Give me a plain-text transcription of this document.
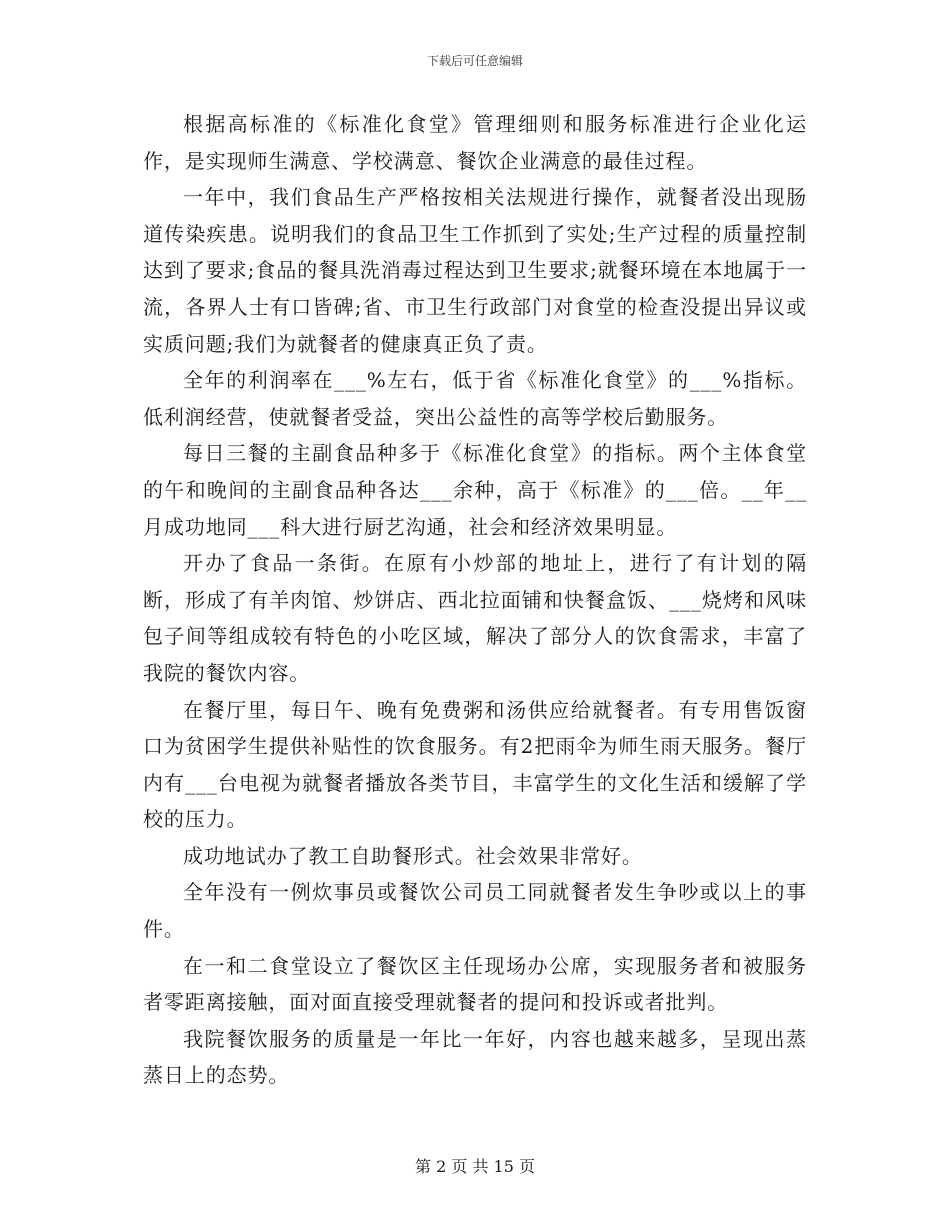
下载后可任意编辑

根据高标准的《标准化食堂》管理细则和服务标准进行企业化运作，是实现师生满意、学校满意、餐饮企业满意的最佳过程。

一年中，我们食品生产严格按相关法规进行操作，就餐者没出现肠道传染疾患。说明我们的食品卫生工作抓到了实处;生产过程的质量控制达到了要求;食品的餐具洗消毒过程达到卫生要求;就餐环境在本地属于一流，各界人士有口皆碑;省、市卫生行政部门对食堂的检查没提出异议或实质问题;我们为就餐者的健康真正负了责。

全年的利润率在___%左右，低于省《标准化食堂》的___%指标。低利润经营，使就餐者受益，突出公益性的高等学校后勤服务。

每日三餐的主副食品种多于《标准化食堂》的指标。两个主体食堂的午和晚间的主副食品种各达___余种，高于《标准》的___倍。__年__月成功地同___科大进行厨艺沟通，社会和经济效果明显。

开办了食品一条街。在原有小炒部的地址上，进行了有计划的隔断，形成了有羊肉馆、炒饼店、西北拉面铺和快餐盒饭、___烧烤和风味包子间等组成较有特色的小吃区域，解决了部分人的饮食需求，丰富了我院的餐饮内容。

在餐厅里，每日午、晚有免费粥和汤供应给就餐者。有专用售饭窗口为贫困学生提供补贴性的饮食服务。有2把雨伞为师生雨天服务。餐厅内有___台电视为就餐者播放各类节目，丰富学生的文化生活和缓解了学校的压力。

成功地试办了教工自助餐形式。社会效果非常好。

全年没有一例炊事员或餐饮公司员工同就餐者发生争吵或以上的事件。

在一和二食堂设立了餐饮区主任现场办公席，实现服务者和被服务者零距离接触，面对面直接受理就餐者的提问和投诉或者批判。

我院餐饮服务的质量是一年比一年好，内容也越来越多，呈现出蒸蒸日上的态势。

第 2 页 共 15 页
